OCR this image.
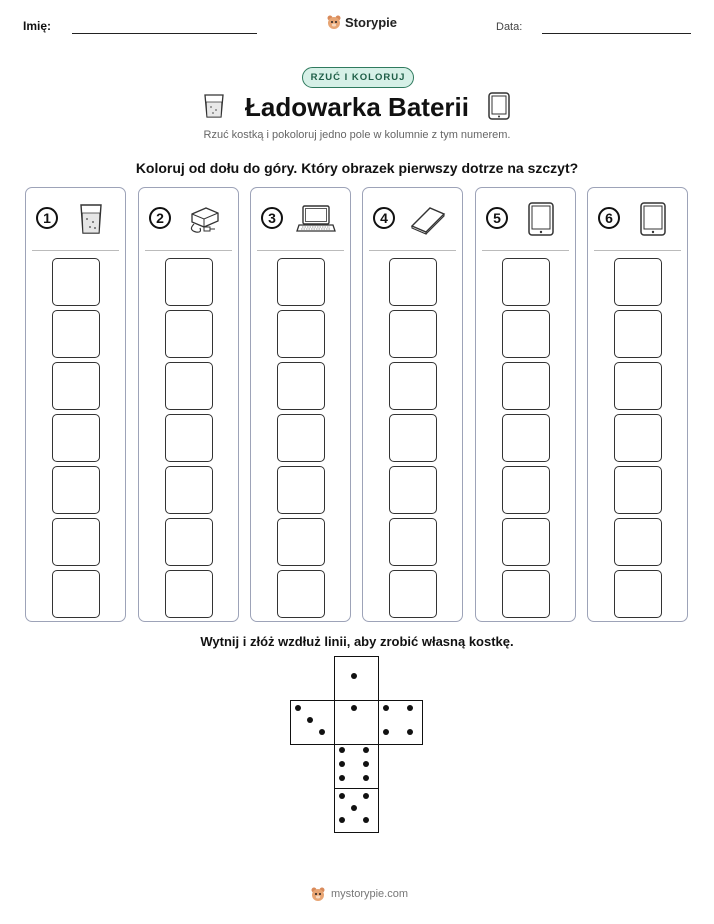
Imię:	Storypie	Data:
RZUĆ I KOLORUJ
Ładowarka Baterii
Rzuć kostką i pokoloruj jedno pole w kolumnie z tym numerem.
Koloruj od dołu do góry. Który obrazek pierwszy dotrze na szczyt?
1	2	3	4	5	6
Wytnij i złóż wzdłuż linii, aby zrobić własną kostkę.
mystorypie.com
